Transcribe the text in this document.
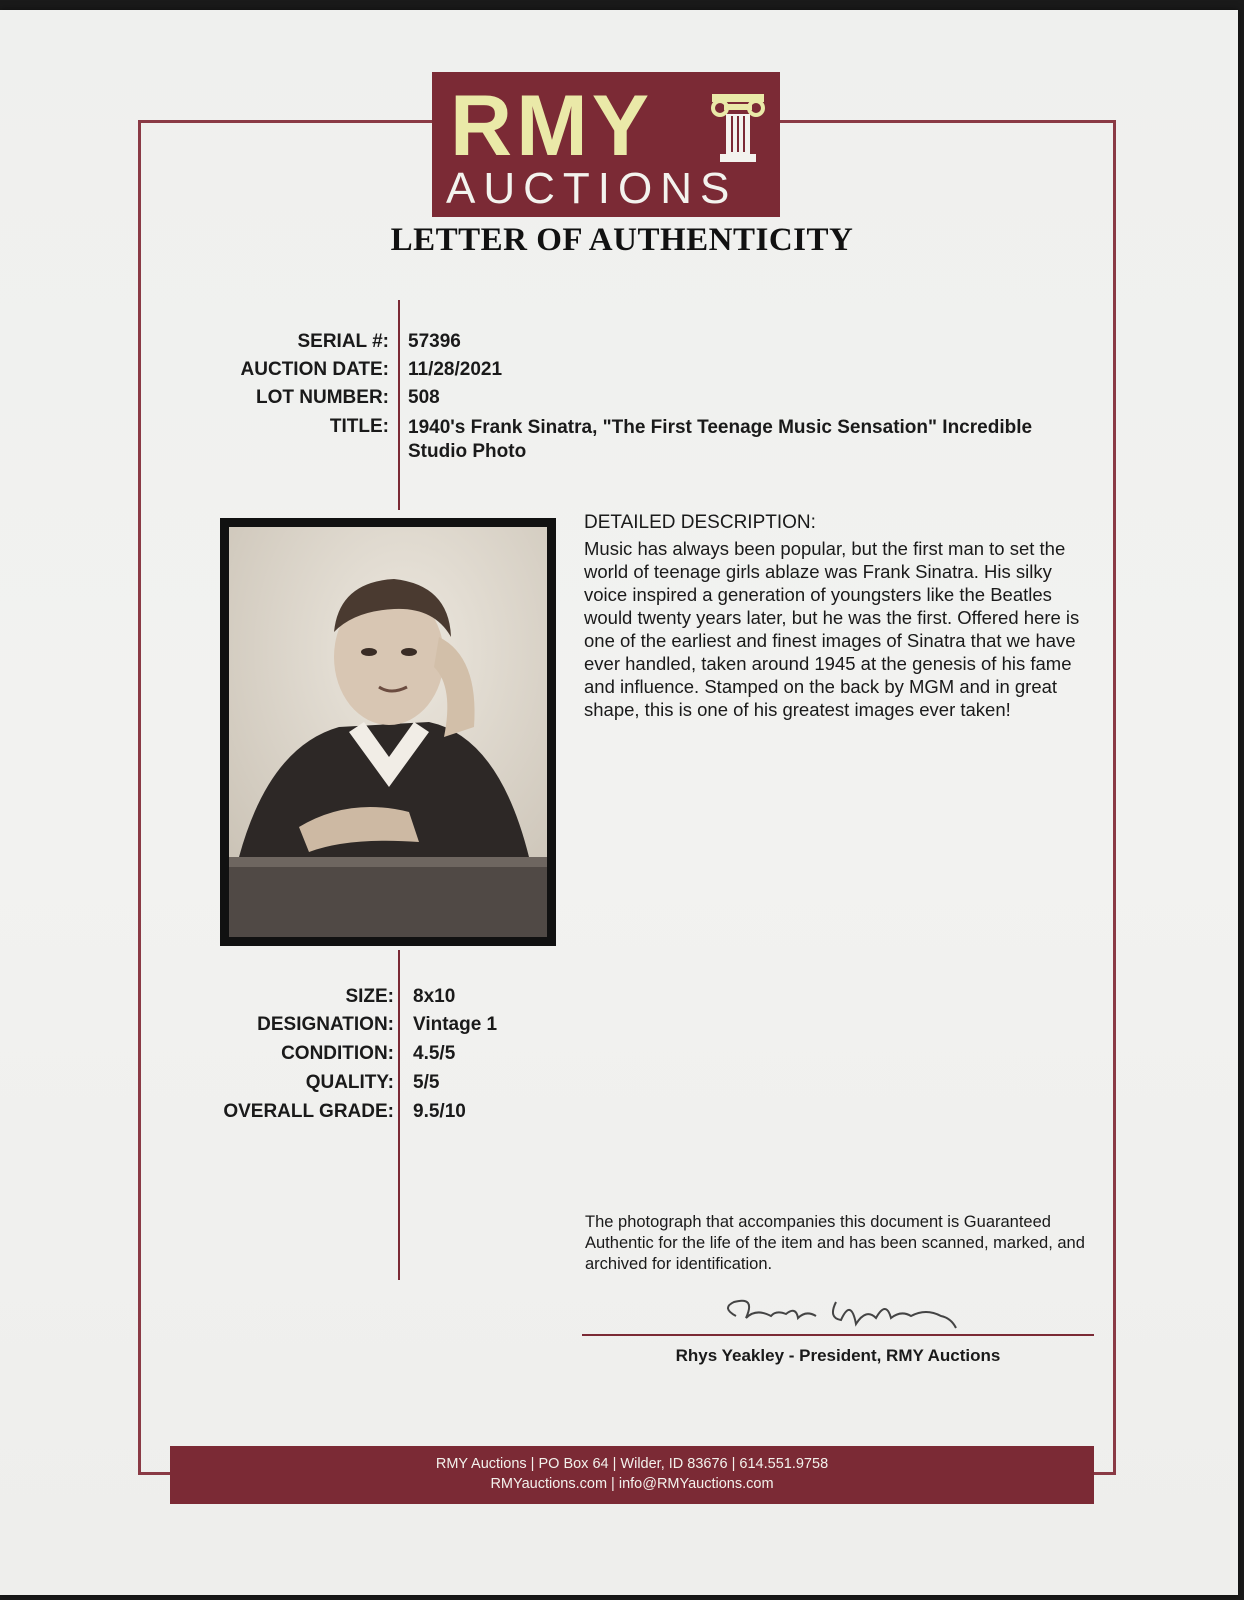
RMY
AUCTIONS
LETTER OF AUTHENTICITY
SERIAL #: 57396
AUCTION DATE: 11/28/2021
LOT NUMBER: 508
TITLE: 1940's Frank Sinatra, "The First Teenage Music Sensation" Incredible Studio Photo
DETAILED DESCRIPTION:
Music has always been popular, but the first man to set the world of teenage girls ablaze was Frank Sinatra. His silky voice inspired a generation of youngsters like the Beatles would twenty years later, but he was the first. Offered here is one of the earliest and finest images of Sinatra that we have ever handled, taken around 1945 at the genesis of his fame and influence. Stamped on the back by MGM and in great shape, this is one of his greatest images ever taken!
SIZE: 8x10
DESIGNATION: Vintage 1
CONDITION: 4.5/5
QUALITY: 5/5
OVERALL GRADE: 9.5/10
The photograph that accompanies this document is Guaranteed Authentic for the life of the item and has been scanned, marked, and archived for identification.
Rhys Yeakley - President, RMY Auctions
RMY Auctions | PO Box 64 | Wilder, ID 83676 | 614.551.9758
RMYauctions.com | info@RMYauctions.com
